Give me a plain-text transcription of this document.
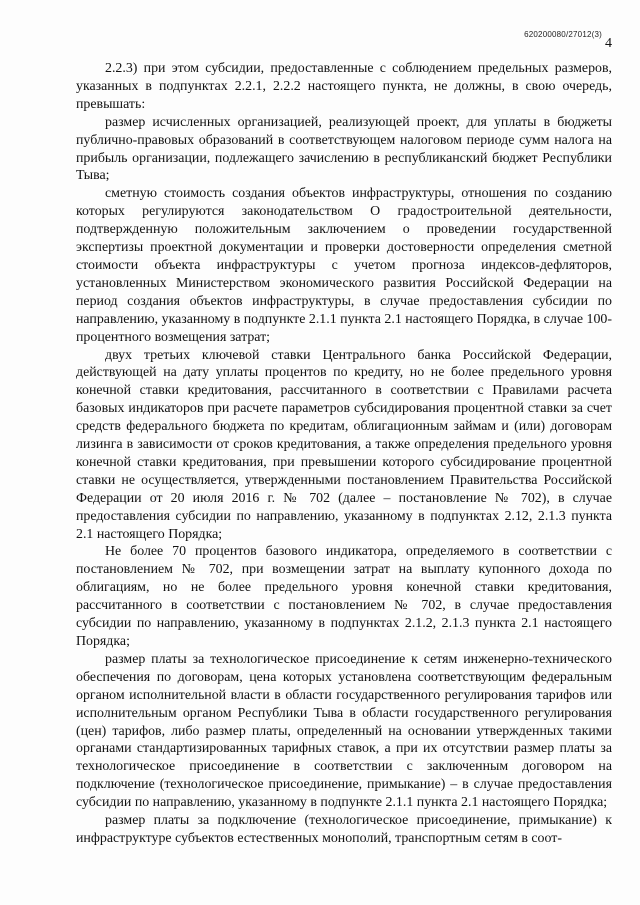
620200080/27012(3)
4

2.2.3) при этом субсидии, предоставленные с соблюдением предельных размеров, указанных в подпунктах 2.2.1, 2.2.2 настоящего пункта, не должны, в свою очередь, превышать:

размер исчисленных организацией, реализующей проект, для уплаты в бюджеты публично-правовых образований в соответствующем налоговом периоде сумм налога на прибыль организации, подлежащего зачислению в республиканский бюджет Республики Тыва;

сметную стоимость создания объектов инфраструктуры, отношения по созданию которых регулируются законодательством О градостроительной деятельности, подтвержденную положительным заключением о проведении государственной экспертизы проектной документации и проверки достоверности определения сметной стоимости объекта инфраструктуры с учетом прогноза индексов-дефляторов, установленных Министерством экономического развития Российской Федерации на период создания объектов инфраструктуры, в случае предоставления субсидии по направлению, указанному в подпункте 2.1.1 пункта 2.1 настоящего Порядка, в случае 100-процентного возмещения затрат;

двух третьих ключевой ставки Центрального банка Российской Федерации, действующей на дату уплаты процентов по кредиту, но не более предельного уровня конечной ставки кредитования, рассчитанного в соответствии с Правилами расчета базовых индикаторов при расчете параметров субсидирования процентной ставки за счет средств федерального бюджета по кредитам, облигационным займам и (или) договорам лизинга в зависимости от сроков кредитования, а также определения предельного уровня конечной ставки кредитования, при превышении которого субсидирование процентной ставки не осуществляется, утвержденными постановлением Правительства Российской Федерации от 20 июля 2016 г. № 702 (далее – постановление № 702), в случае предоставления субсидии по направлению, указанному в подпунктах 2.12, 2.1.3 пункта 2.1 настоящего Порядка;

Не более 70 процентов базового индикатора, определяемого в соответствии с постановлением № 702, при возмещении затрат на выплату купонного дохода по облигациям, но не более предельного уровня конечной ставки кредитования, рассчитанного в соответствии с постановлением № 702, в случае предоставления субсидии по направлению, указанному в подпунктах 2.1.2, 2.1.3 пункта 2.1 настоящего Порядка;

размер платы за технологическое присоединение к сетям инженерно-технического обеспечения по договорам, цена которых установлена соответствующим федеральным органом исполнительной власти в области государственного регулирования тарифов или исполнительным органом Республики Тыва в области государственного регулирования (цен) тарифов, либо размер платы, определенный на основании утвержденных такими органами стандартизированных тарифных ставок, а при их отсутствии размер платы за технологическое присоединение в соответствии с заключенным договором на подключение (технологическое присоединение, примыкание) – в случае предоставления субсидии по направлению, указанному в подпункте 2.1.1 пункта 2.1 настоящего Порядка;

размер платы за подключение (технологическое присоединение, примыкание) к инфраструктуре субъектов естественных монополий, транспортным сетям в соот-
